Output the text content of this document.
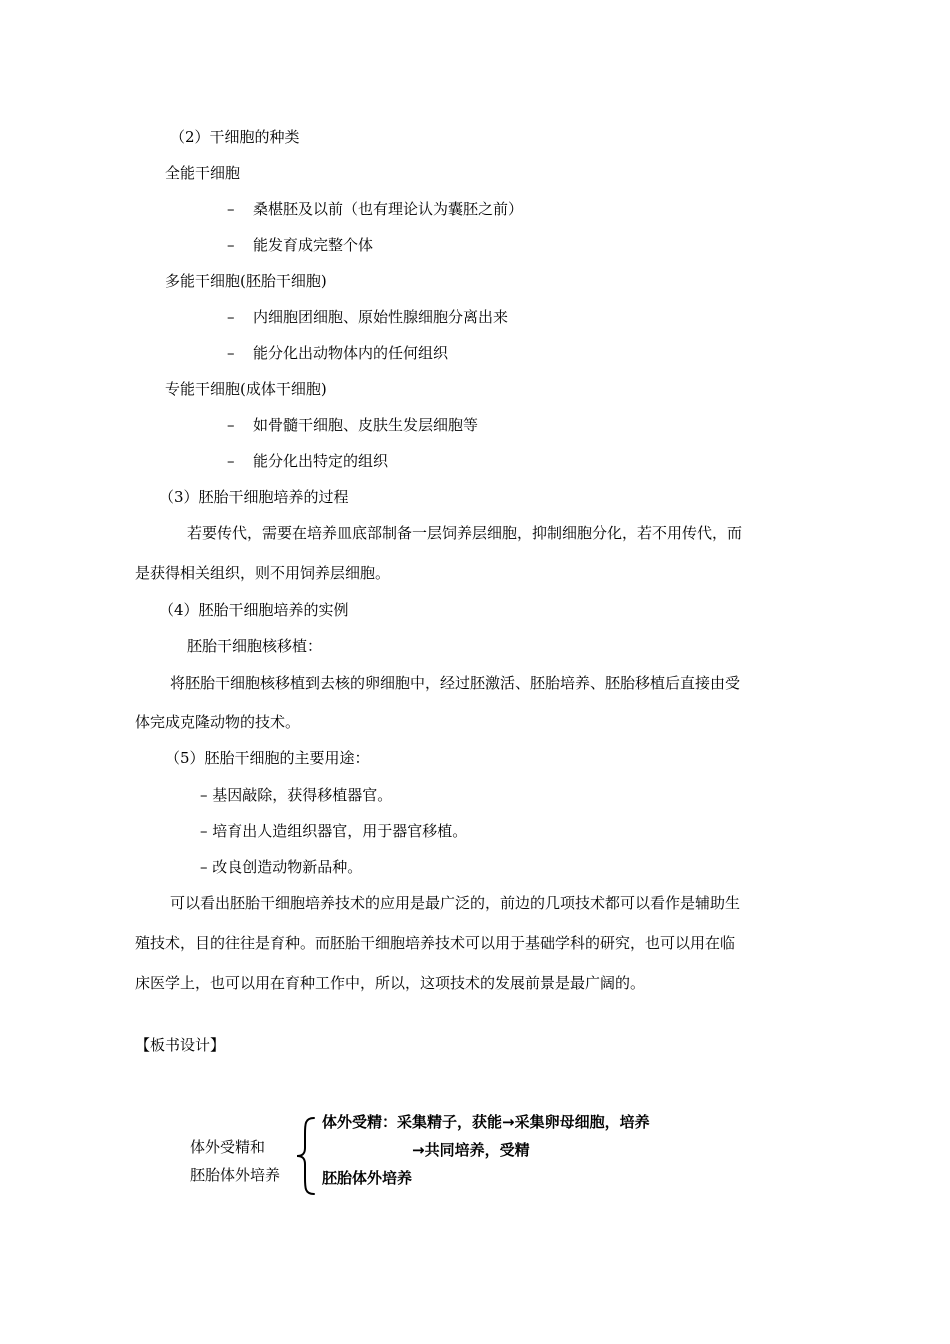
（2）干细胞的种类
全能干细胞
– 桑椹胚及以前（也有理论认为囊胚之前）
– 能发育成完整个体
多能干细胞(胚胎干细胞)
– 内细胞团细胞、原始性腺细胞分离出来
– 能分化出动物体内的任何组织
专能干细胞(成体干细胞)
– 如骨髓干细胞、皮肤生发层细胞等
– 能分化出特定的组织
（3）胚胎干细胞培养的过程
若要传代，需要在培养皿底部制备一层饲养层细胞，抑制细胞分化，若不用传代，而
是获得相关组织，则不用饲养层细胞。
（4）胚胎干细胞培养的实例
胚胎干细胞核移植：
将胚胎干细胞核移植到去核的卵细胞中，经过胚激活、胚胎培养、胚胎移植后直接由受
体完成克隆动物的技术。
（5）胚胎干细胞的主要用途：
– 基因敲除，获得移植器官。
– 培育出人造组织器官，用于器官移植。
– 改良创造动物新品种。
可以看出胚胎干细胞培养技术的应用是最广泛的，前边的几项技术都可以看作是辅助生
殖技术，目的往往是育种。而胚胎干细胞培养技术可以用于基础学科的研究，也可以用在临
床医学上，也可以用在育种工作中，所以，这项技术的发展前景是最广阔的。
【板书设计】
体外受精和
胚胎体外培养
体外受精：采集精子，获能→采集卵母细胞，培养
→共同培养，受精
胚胎体外培养
